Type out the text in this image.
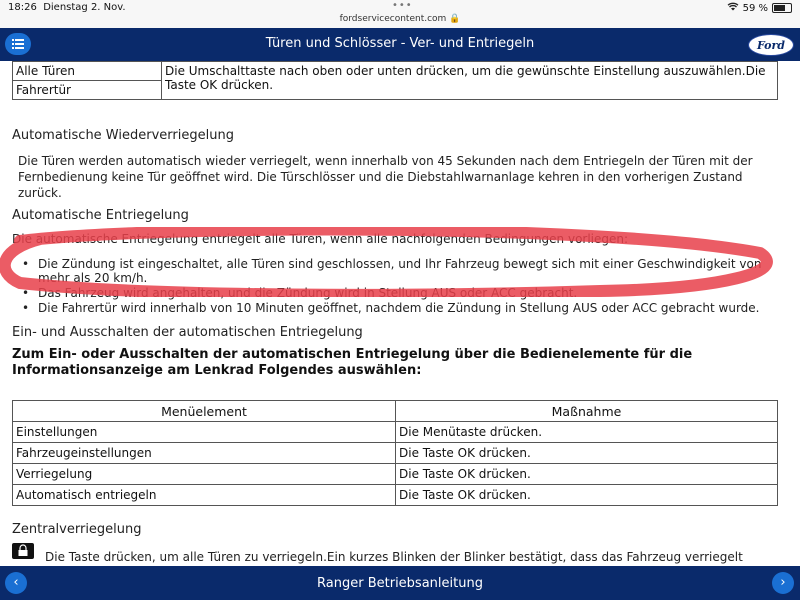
18:26 Dienstag 2. Nov.	•••
fordservicecontent.com 🔒
59 %
Türen und Schlösser - Ver- und Entriegeln	Ford
Alle Türen	Die Umschalttaste nach oben oder unten drücken, um die gewünschte Einstellung auszuwählen.Die Taste OK drücken.
Fahrertür
Automatische Wiederverriegelung
Die Türen werden automatisch wieder verriegelt, wenn innerhalb von 45 Sekunden nach dem Entriegeln der Türen mit der Fernbedienung keine Tür geöffnet wird. Die Türschlösser und die Diebstahlwarnanlage kehren in den vorherigen Zustand zurück.
Automatische Entriegelung
Die automatische Entriegelung entriegelt alle Türen, wenn alle nachfolgenden Bedingungen vorliegen:
• Die Zündung ist eingeschaltet, alle Türen sind geschlossen, und Ihr Fahrzeug bewegt sich mit einer Geschwindigkeit von mehr als 20 km/h.
• Das Fahrzeug wird angehalten, und die Zündung wird in Stellung AUS oder ACC gebracht.
• Die Fahrertür wird innerhalb von 10 Minuten geöffnet, nachdem die Zündung in Stellung AUS oder ACC gebracht wurde.
Ein- und Ausschalten der automatischen Entriegelung
Zum Ein- oder Ausschalten der automatischen Entriegelung über die Bedienelemente für die Informationsanzeige am Lenkrad Folgendes auswählen:
Menüelement	Maßnahme
Einstellungen	Die Menütaste drücken.
Fahrzeugeinstellungen	Die Taste OK drücken.
Verriegelung	Die Taste OK drücken.
Automatisch entriegeln	Die Taste OK drücken.
Zentralverriegelung
Die Taste drücken, um alle Türen zu verriegeln.Ein kurzes Blinken der Blinker bestätigt, dass das Fahrzeug verriegelt
‹	Ranger Betriebsanleitung	›
